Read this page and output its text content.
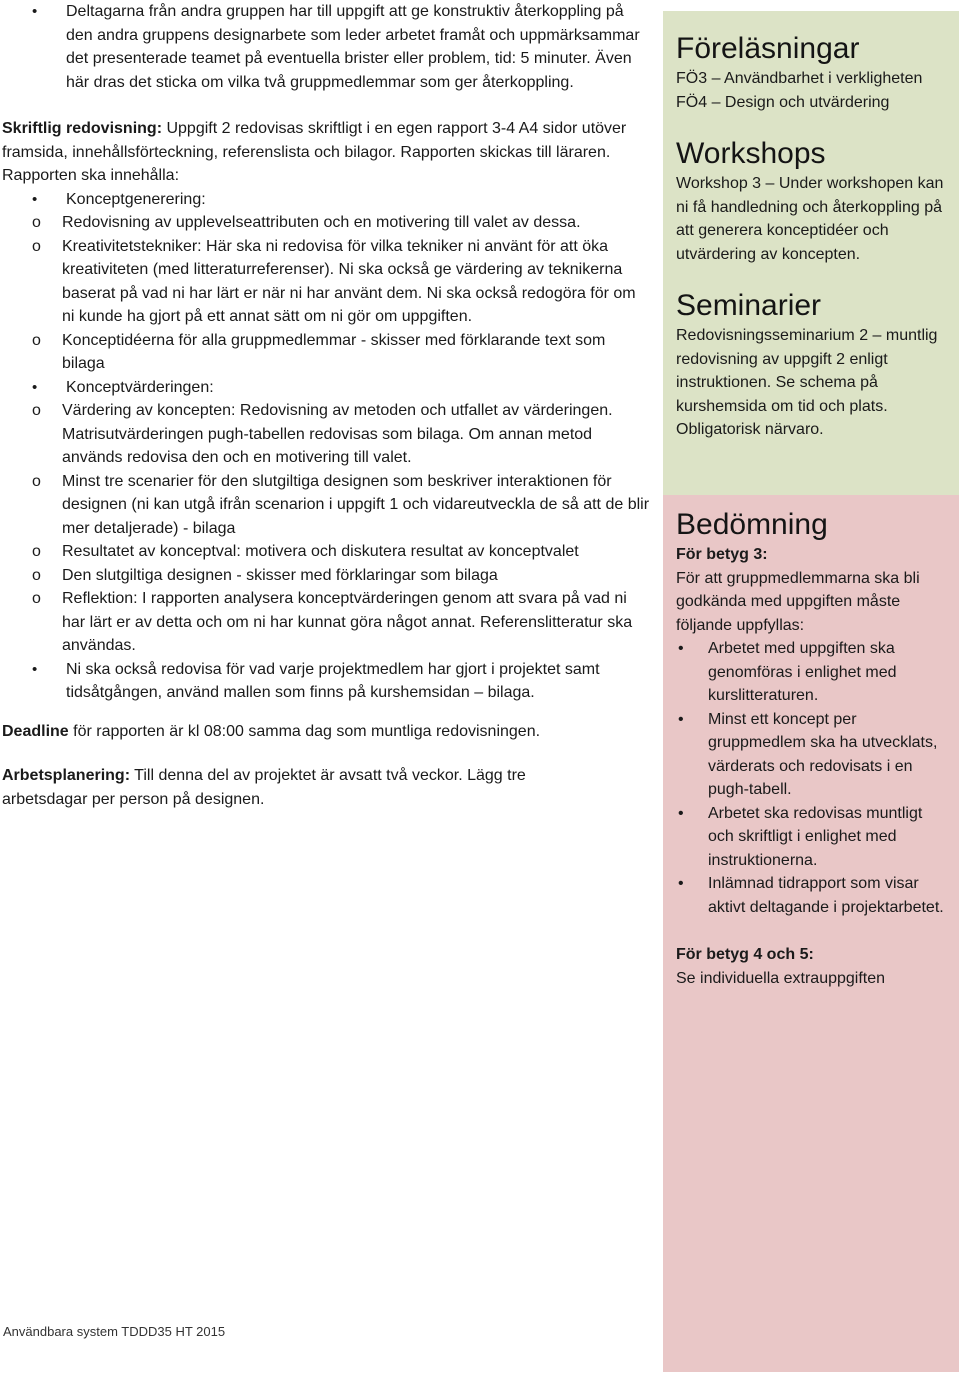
• Deltagarna från andra gruppen har till uppgift att ge konstruktiv återkoppling på den andra gruppens designarbete som leder arbetet framåt och uppmärksammar det presenterade teamet på eventuella brister eller problem, tid: 5 minuter. Även här dras det sticka om vilka två gruppmedlemmar som ger återkoppling.

Skriftlig redovisning: Uppgift 2 redovisas skriftligt i en egen rapport 3-4 A4 sidor utöver framsida, innehållsförteckning, referenslista och bilagor. Rapporten skickas till läraren. Rapporten ska innehålla:

• Konceptgenerering:
o Redovisning av upplevelseattributen och en motivering till valet av dessa.
o Kreativitetstekniker: Här ska ni redovisa för vilka tekniker ni använt för att öka kreativiteten (med litteraturreferenser). Ni ska också ge värdering av teknikerna baserat på vad ni har lärt er när ni har använt dem. Ni ska också redogöra för om ni kunde ha gjort på ett annat sätt om ni gör om uppgiften.
o Konceptidéerna för alla gruppmedlemmar - skisser med förklarande text som bilaga
• Konceptvärderingen:
o Värdering av koncepten: Redovisning av metoden och utfallet av värderingen. Matrisutvärderingen pugh-tabellen redovisas som bilaga. Om annan metod används redovisa den och en motivering till valet.
o Minst tre scenarier för den slutgiltiga designen som beskriver interaktionen för designen (ni kan utgå ifrån scenarion i uppgift 1 och vidareutveckla de så att de blir mer detaljerade) - bilaga
o Resultatet av konceptval: motivera och diskutera resultat av konceptvalet
o Den slutgiltiga designen - skisser med förklaringar som bilaga
o Reflektion: I rapporten analysera konceptvärderingen genom att svara på vad ni har lärt er av detta och om ni har kunnat göra något annat. Referenslitteratur ska användas.
• Ni ska också redovisa för vad varje projektmedlem har gjort i projektet samt tidsåtgången, använd mallen som finns på kurshemsidan – bilaga.

Deadline för rapporten är kl 08:00 samma dag som muntliga redovisningen.

Arbetsplanering: Till denna del av projektet är avsatt två veckor. Lägg tre arbetsdagar per person på designen.

Föreläsningar

FÖ3 – Användbarhet i verkligheten

FÖ4 – Design och utvärdering

Workshops

Workshop 3 – Under workshopen kan ni få handledning och återkoppling på att generera konceptidéer och utvärdering av koncepten.

Seminarier

Redovisningsseminarium 2 – muntlig redovisning av uppgift 2 enligt instruktionen. Se schema på kurshemsida om tid och plats. Obligatorisk närvaro.

Bedömning

För betyg 3:

För att gruppmedlemmarna ska bli godkända med uppgiften måste följande uppfyllas:

• Arbetet med uppgiften ska genomföras i enlighet med kurslitteraturen.
• Minst ett koncept per gruppmedlem ska ha utvecklats, värderats och redovisats i en pugh-tabell.
• Arbetet ska redovisas muntligt och skriftligt i enlighet med instruktionerna.
• Inlämnad tidrapport som visar aktivt deltagande i projektarbetet.

För betyg 4 och 5:

Se individuella extrauppgiften

Användbara system TDDD35 HT 2015
